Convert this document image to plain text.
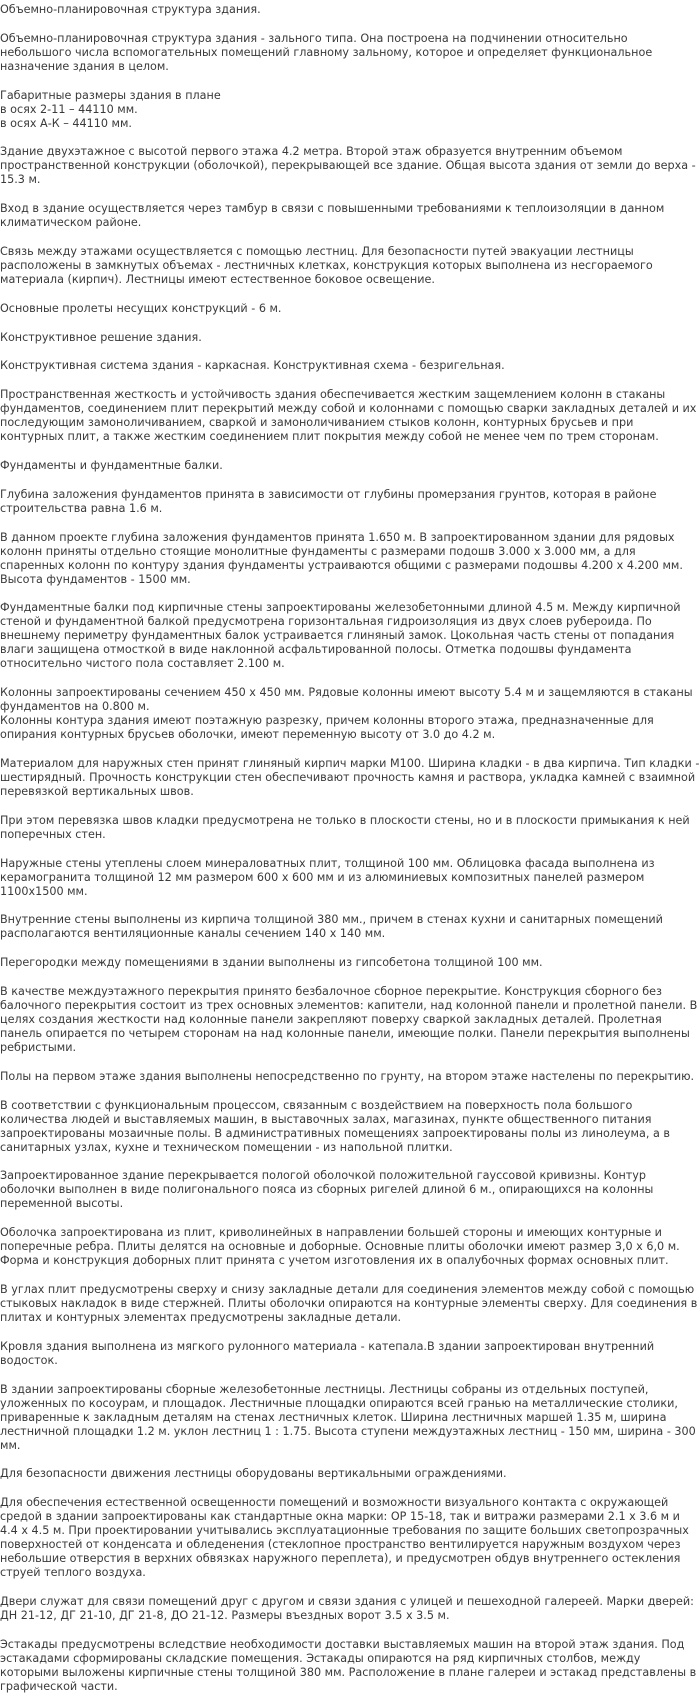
Объемно-планировочная структура здания.

Объемно-планировочная структура здания - зального типа. Она построена на подчинении относительно небольшого числа вспомогательных помещений главному зальному, которое и определяет функциональное назначение здания в целом.

Габаритные размеры здания в плане
в осях 2-11 – 44110 мм.
в осях А-К – 44110 мм.

Здание двухэтажное с высотой первого этажа 4.2 метра. Второй этаж образуется внутренним объемом пространственной конструкции (оболочкой), перекрывающей все здание. Общая высота здания от земли до верха - 15.3 м.

Вход в здание осуществляется через тамбур в связи с повышенными требованиями к теплоизоляции в данном климатическом районе.

Связь между этажами осуществляется с помощью лестниц. Для безопасности путей эвакуации лестницы расположены в замкнутых объемах - лестничных клетках, конструкция которых выполнена из несгораемого материала (кирпич). Лестницы имеют естественное боковое освещение.

Основные пролеты несущих конструкций - 6 м.

Конструктивное решение здания.

Конструктивная система здания - каркасная. Конструктивная схема - безригельная.

Пространственная жесткость и устойчивость здания обеспечивается жестким защемлением колонн в стаканы фундаментов, соединением плит перекрытий между собой и колоннами с помощью сварки закладных деталей и их последующим замоноличиванием, сваркой и замоноличиванием стыков колонн, контурных брусьев и при контурных плит, а также жестким соединением плит покрытия между собой не менее чем по трем сторонам.

Фундаменты и фундаментные балки.

Глубина заложения фундаментов принята в зависимости от глубины промерзания грунтов, которая в районе строительства равна 1.6 м.

В данном проекте глубина заложения фундаментов принята 1.650 м. В запроектированном здании для рядовых колонн приняты отдельно стоящие монолитные фундаменты с размерами подошв 3.000 х 3.000 мм, а для спаренных колонн по контуру здания фундаменты устраиваются общими с размерами подошвы 4.200 х 4.200 мм. Высота фундаментов - 1500 мм.

Фундаментные балки под кирпичные стены запроектированы железобетонными длиной 4.5 м. Между кирпичной стеной и фундаментной балкой предусмотрена горизонтальная гидроизоляция из двух слоев рубероида. По внешнему периметру фундаментных балок устраивается глиняный замок. Цокольная часть стены от попадания влаги защищена отмосткой в виде наклонной асфальтированной полосы. Отметка подошвы фундамента относительно чистого пола составляет 2.100 м.

Колонны запроектированы сечением 450 х 450 мм. Рядовые колонны имеют высоту 5.4 м и защемляются в стаканы фундаментов на 0.800 м.
Колонны контура здания имеют поэтажную разрезку, причем колонны второго этажа, предназначенные для опирания контурных брусьев оболочки, имеют переменную высоту от 3.0 до 4.2 м.

Материалом для наружных стен принят глиняный кирпич марки М100. Ширина кладки - в два кирпича. Тип кладки - шестирядный. Прочность конструкции стен обеспечивают прочность камня и раствора, укладка камней с взаимной перевязкой вертикальных швов.

При этом перевязка швов кладки предусмотрена не только в плоскости стены, но и в плоскости примыкания к ней поперечных стен.

Наружные стены утеплены слоем минераловатных плит, толщиной 100 мм. Облицовка фасада выполнена из керамогранита толщиной 12 мм размером 600 х 600 мм и из алюминиевых композитных панелей размером 1100х1500 мм.

Внутренние стены выполнены из кирпича толщиной 380 мм., причем в стенах кухни и санитарных помещений располагаются вентиляционные каналы сечением 140 х 140 мм.

Перегородки между помещениями в здании выполнены из гипсобетона толщиной 100 мм.

В качестве междуэтажного перекрытия принято безбалочное сборное перекрытие. Конструкция сборного без балочного перекрытия состоит из трех основных элементов: капители, над колонной панели и пролетной панели. В целях создания жесткости над колонные панели закрепляют поверху сваркой закладных деталей. Пролетная панель опирается по четырем сторонам на над колонные панели, имеющие полки. Панели перекрытия выполнены ребристыми.

Полы на первом этаже здания выполнены непосредственно по грунту, на втором этаже настелены по перекрытию.

В соответствии с функциональным процессом, связанным с воздействием на поверхность пола большого количества людей и выставляемых машин, в выставочных залах, магазинах, пункте общественного питания запроектированы мозаичные полы. В административных помещениях запроектированы полы из линолеума, а в санитарных узлах, кухне и техническом помещении - из напольной плитки.

Запроектированное здание перекрывается пологой оболочкой положительной гауссовой кривизны. Контур оболочки выполнен в виде полигонального пояса из сборных ригелей длиной 6 м., опирающихся на колонны переменной высоты.

Оболочка запроектирована из плит, криволинейных в направлении большей стороны и имеющих контурные и поперечные ребра. Плиты делятся на основные и доборные. Основные плиты оболочки имеют размер 3,0 х 6,0 м. Форма и конструкция доборных плит принята с учетом изготовления их в опалубочных формах основных плит.

В углах плит предусмотрены сверху и снизу закладные детали для соединения элементов между собой с помощью стыковых накладок в виде стержней. Плиты оболочки опираются на контурные элементы сверху. Для соединения в плитах и контурных элементах предусмотрены закладные детали.

Кровля здания выполнена из мягкого рулонного материала - катепала.В здании запроектирован внутренний водосток.

В здании запроектированы сборные железобетонные лестницы. Лестницы собраны из отдельных поступей, уложенных по косоурам, и площадок. Лестничные площадки опираются всей гранью на металлические столики, приваренные к закладным деталям на стенах лестничных клеток. Ширина лестничных маршей 1.35 м, ширина лестничной площадки 1.2 м. уклон лестниц 1 : 1.75. Высота ступени междуэтажных лестниц - 150 мм, ширина - 300 мм.

Для безопасности движения лестницы оборудованы вертикальными ограждениями.

Для обеспечения естественной освещенности помещений и возможности визуального контакта с окружающей средой в здании запроектированы как стандартные окна марки: ОР 15-18, так и витражи размерами 2.1 х 3.6 м и 4.4 х 4.5 м. При проектировании учитывались эксплуатационные требования по защите больших светопрозрачных поверхностей от конденсата и обледенения (стеклопное пространство вентилируется наружным воздухом через небольшие отверстия в верхних обвязках наружного переплета), и предусмотрен обдув внутреннего остекления струей теплого воздуха.

Двери служат для связи помещений друг с другом и связи здания с улицей и пешеходной галереей. Марки дверей: ДН 21-12, ДГ 21-10, ДГ 21-8, ДО 21-12. Размеры въездных ворот 3.5 х 3.5 м.

Эстакады предусмотрены вследствие необходимости доставки выставляемых машин на второй этаж здания. Под эстакадами сформированы складские помещения. Эстакады опираются на ряд кирпичных столбов, между которыми выложены кирпичные стены толщиной 380 мм. Расположение в плане галереи и эстакад представлены в графической части.
